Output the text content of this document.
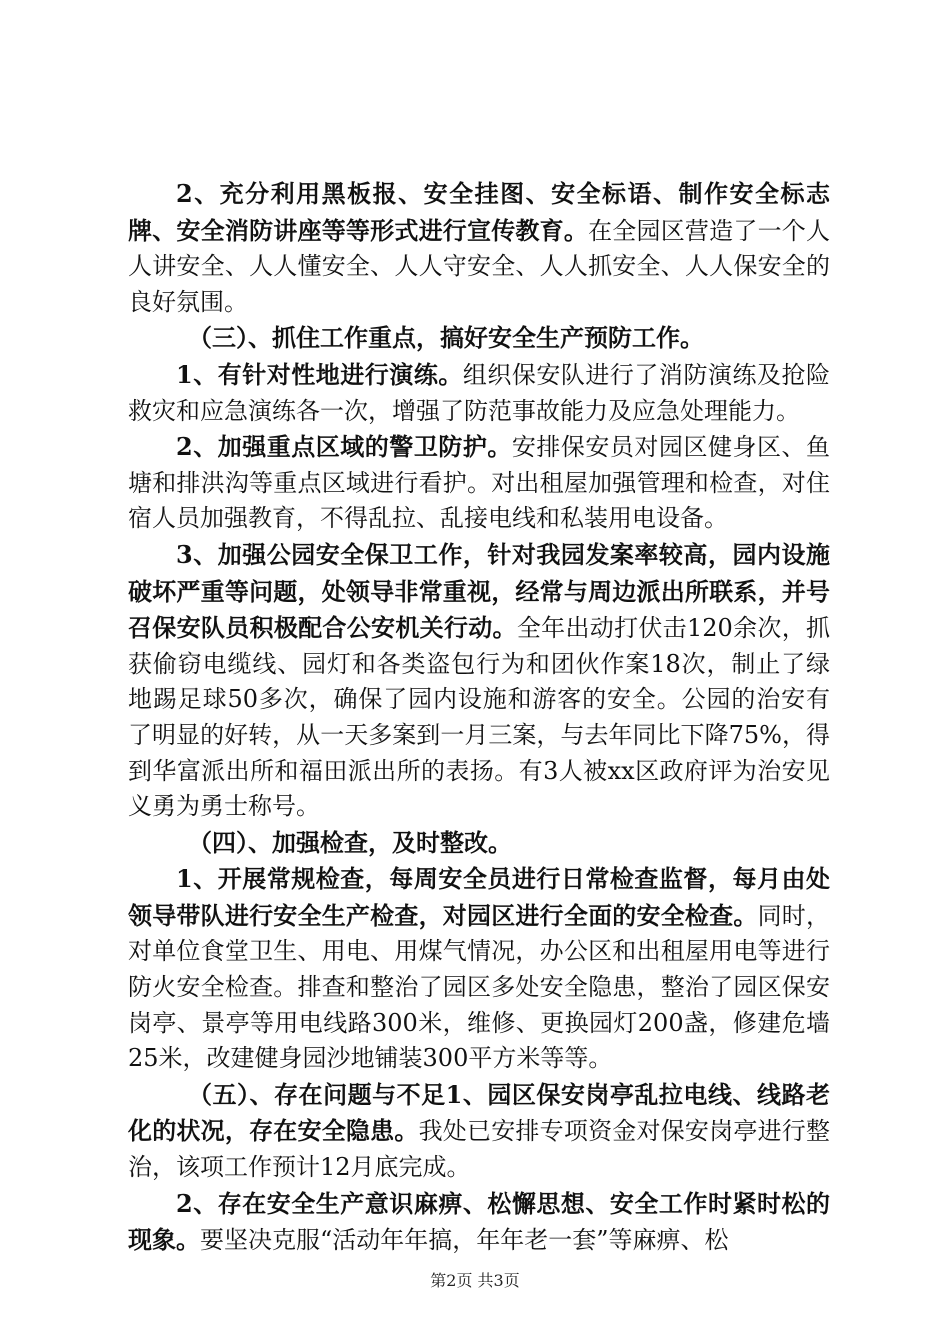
2、充分利用黑板报、安全挂图、安全标语、制作安全标志牌、安全消防讲座等等形式进行宣传教育。在全园区营造了一个人人讲安全、人人懂安全、人人守安全、人人抓安全、人人保安全的良好氛围。

（三）、抓住工作重点，搞好安全生产预防工作。

1、有针对性地进行演练。组织保安队进行了消防演练及抢险救灾和应急演练各一次，增强了防范事故能力及应急处理能力。

2、加强重点区域的警卫防护。安排保安员对园区健身区、鱼塘和排洪沟等重点区域进行看护。对出租屋加强管理和检查，对住宿人员加强教育，不得乱拉、乱接电线和私装用电设备。

3、加强公园安全保卫工作，针对我园发案率较高，园内设施破坏严重等问题，处领导非常重视，经常与周边派出所联系，并号召保安队员积极配合公安机关行动。全年出动打伏击120余次，抓获偷窃电缆线、园灯和各类盗包行为和团伙作案18次，制止了绿地踢足球50多次，确保了园内设施和游客的安全。公园的治安有了明显的好转，从一天多案到一月三案，与去年同比下降75%，得到华富派出所和福田派出所的表扬。有3人被xx区政府评为治安见义勇为勇士称号。

（四）、加强检查，及时整改。

1、开展常规检查，每周安全员进行日常检查监督，每月由处领导带队进行安全生产检查，对园区进行全面的安全检查。同时，对单位食堂卫生、用电、用煤气情况，办公区和出租屋用电等进行防火安全检查。排查和整治了园区多处安全隐患，整治了园区保安岗亭、景亭等用电线路300米，维修、更换园灯200盏，修建危墙25米，改建健身园沙地铺装300平方米等等。

（五）、存在问题与不足1、园区保安岗亭乱拉电线、线路老化的状况，存在安全隐患。我处已安排专项资金对保安岗亭进行整治，该项工作预计12月底完成。

2、存在安全生产意识麻痹、松懈思想、安全工作时紧时松的现象。要坚决克服“活动年年搞，年年老一套”等麻痹、松

第2页 共3页
